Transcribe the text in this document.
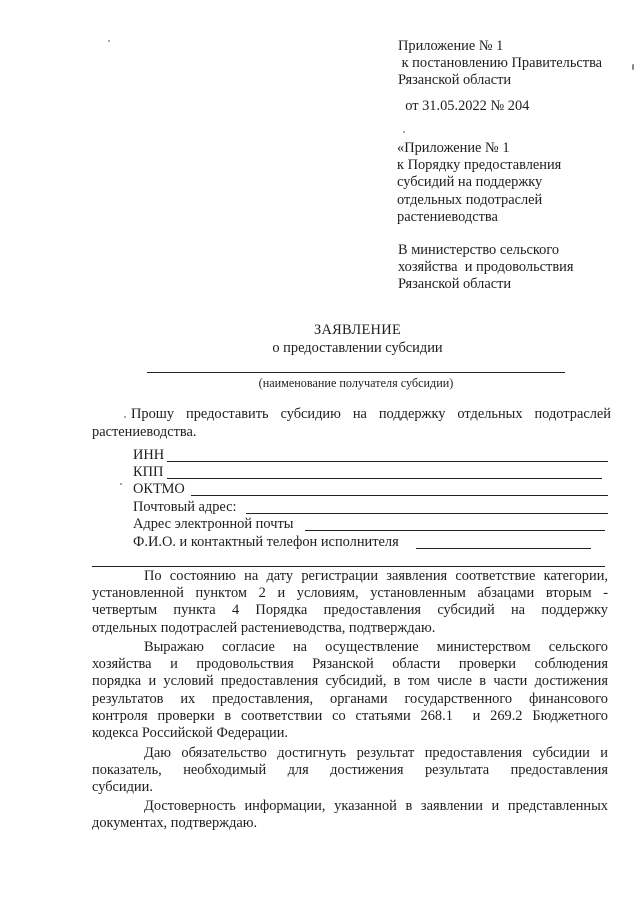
Приложение № 1
к постановлению Правительства
Рязанской области
от 31.05.2022 № 204
«Приложение № 1
к Порядку предоставления
субсидий на поддержку
отдельных подотраслей
растениеводства
В министерство сельского
хозяйства  и продовольствия
Рязанской области
ЗАЯВЛЕНИЕ
о предоставлении субсидии
(наименование получателя субсидии)
Прошу предоставить субсидию на поддержку отдельных подотраслей
растениеводства.
ИНН
КПП
ОКТМО
Почтовый адрес:
Адрес электронной почты
Ф.И.О. и контактный телефон исполнителя
По состоянию на дату регистрации заявления соответствие категории,
установленной пунктом 2 и условиям, установленным абзацами вторым -
четвертым пункта 4 Порядка предоставления субсидий на поддержку
отдельных подотраслей растениеводства, подтверждаю.
Выражаю согласие на осуществление министерством сельского
хозяйства и продовольствия Рязанской области проверки соблюдения
порядка и условий предоставления субсидий, в том числе в части достижения
результатов их предоставления, органами государственного финансового
контроля проверки в соответствии со статьями 268.1  и 269.2 Бюджетного
кодекса Российской Федерации.
Даю обязательство достигнуть результат предоставления субсидии и
показатель, необходимый для достижения результата предоставления
субсидии.
Достоверность информации, указанной в заявлении и представленных
документах, подтверждаю.
